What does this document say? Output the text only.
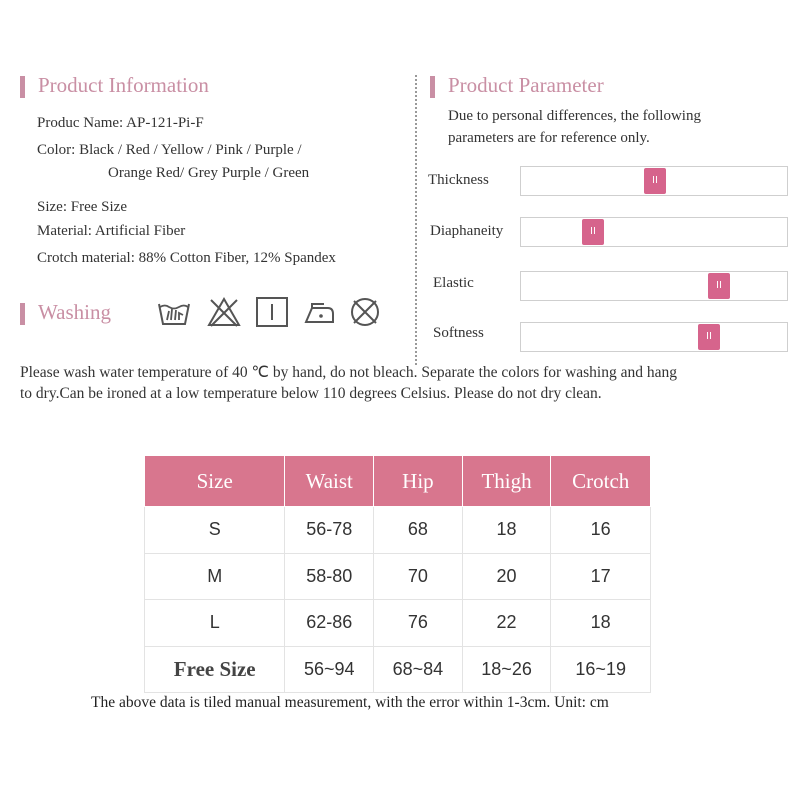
Product Information
Produc Name: AP-121-Pi-F
Color: Black / Red / Yellow / Pink / Purple /
Orange Red/ Grey Purple / Green
Size: Free Size
Material: Artificial Fiber
Crotch material: 88% Cotton Fiber, 12% Spandex
Washing
Product Parameter
Due to personal differences, the following
parameters are for reference only.
Thickness	II
Diaphaneity	II
Elastic	II
Softness	II
Please wash water temperature of 40 ℃ by hand, do not bleach. Separate the colors for washing and hang
to dry.Can be ironed at a low temperature below 110 degrees Celsius. Please do not dry clean.
Size	Waist	Hip	Thigh	Crotch
S	56-78	68	18	16
M	58-80	70	20	17
L	62-86	76	22	18
Free Size	56~94	68~84	18~26	16~19
The above data is tiled manual measurement, with the error within 1-3cm. Unit: cm
